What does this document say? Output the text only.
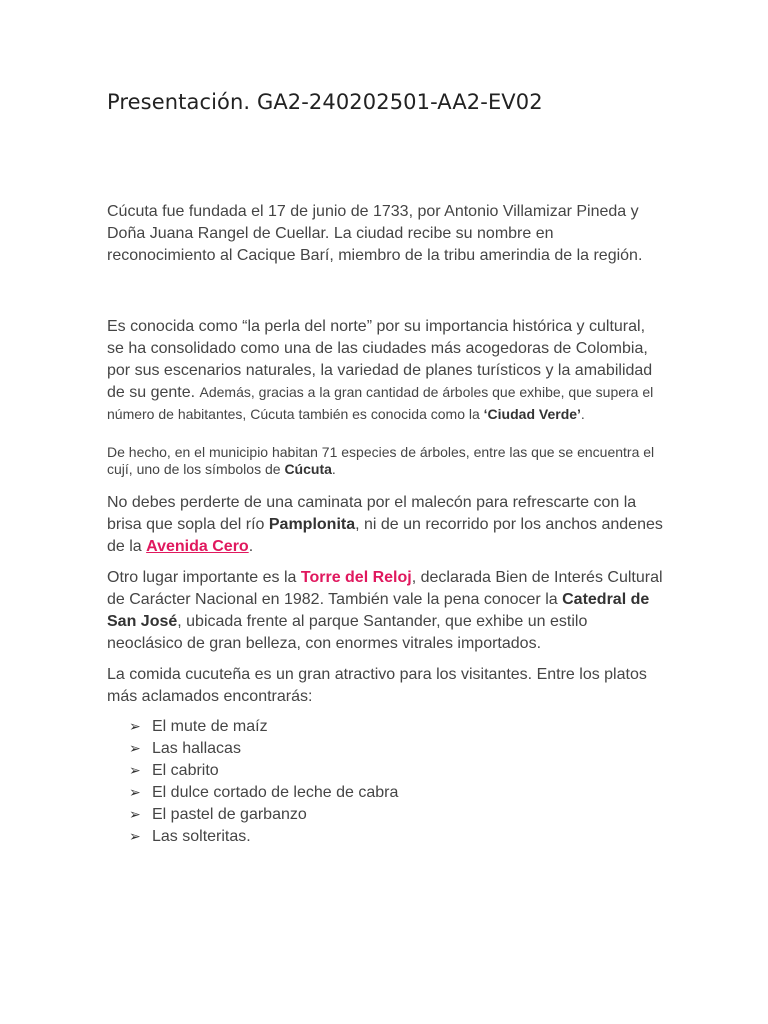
Presentación. GA2-240202501-AA2-EV02

Cúcuta fue fundada el 17 de junio de 1733, por Antonio Villamizar Pineda y Doña Juana Rangel de Cuellar. La ciudad recibe su nombre en reconocimiento al Cacique Barí, miembro de la tribu amerindia de la región.

Es conocida como “la perla del norte” por su importancia histórica y cultural, se ha consolidado como una de las ciudades más acogedoras de Colombia, por sus escenarios naturales, la variedad de planes turísticos y la amabilidad de su gente. Además, gracias a la gran cantidad de árboles que exhibe, que supera el número de habitantes, Cúcuta también es conocida como la ‘Ciudad Verde’.

De hecho, en el municipio habitan 71 especies de árboles, entre las que se encuentra el cují, uno de los símbolos de Cúcuta.

No debes perderte de una caminata por el malecón para refrescarte con la brisa que sopla del río Pamplonita, ni de un recorrido por los anchos andenes de la Avenida Cero.

Otro lugar importante es la Torre del Reloj, declarada Bien de Interés Cultural de Carácter Nacional en 1982. También vale la pena conocer la Catedral de San José, ubicada frente al parque Santander, que exhibe un estilo neoclásico de gran belleza, con enormes vitrales importados.

La comida cucuteña es un gran atractivo para los visitantes. Entre los platos más aclamados encontrarás:

➢ El mute de maíz
➢ Las hallacas
➢ El cabrito
➢ El dulce cortado de leche de cabra
➢ El pastel de garbanzo
➢ Las solteritas.
